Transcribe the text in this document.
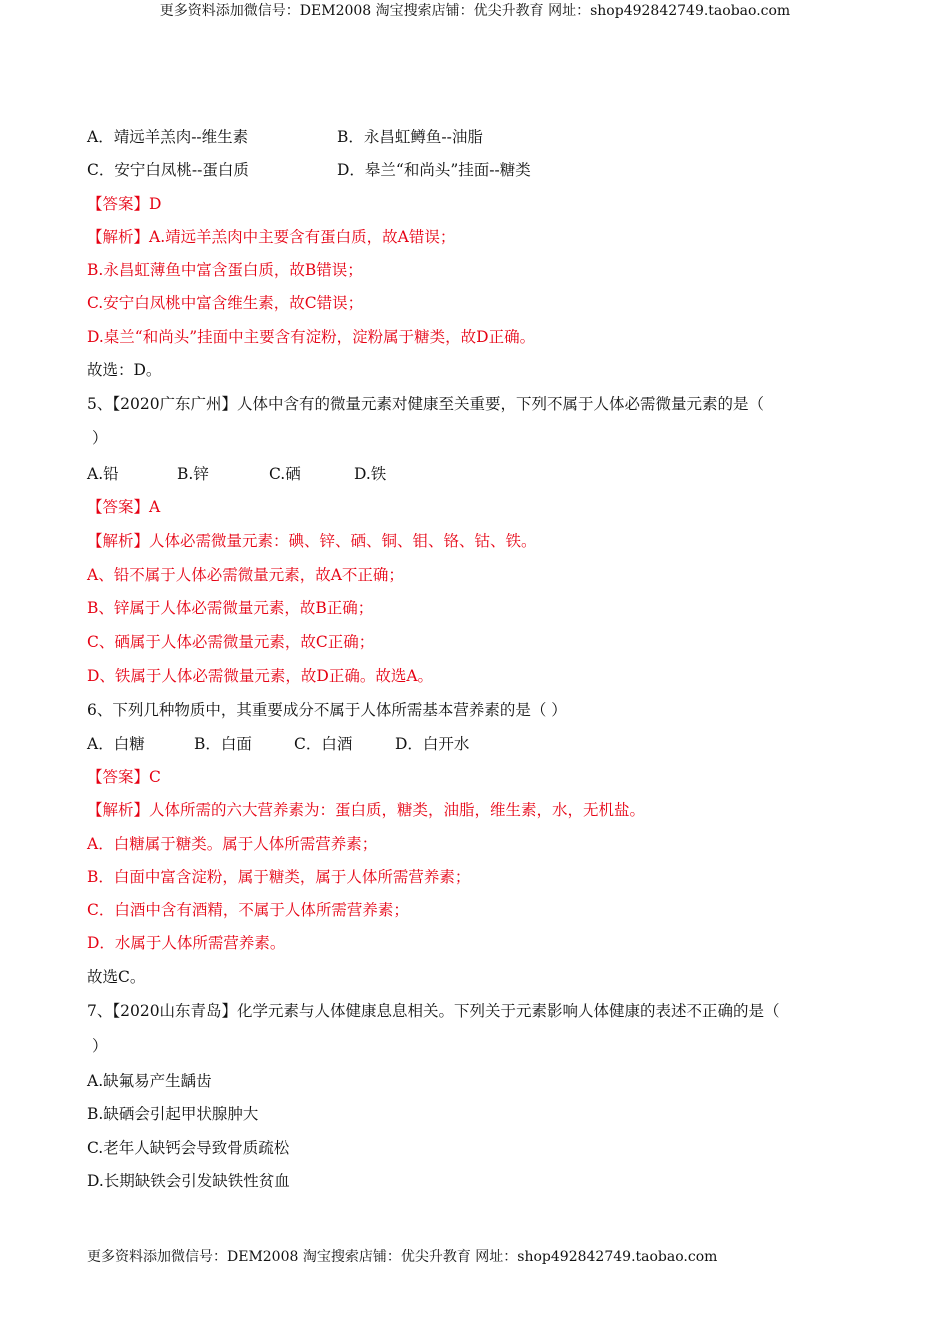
更多资料添加微信号：DEM2008 淘宝搜索店铺：优尖升教育 网址：shop492842749.taobao.com
A．靖远羊羔肉--维生素	B．永昌虹鳟鱼--油脂
C．安宁白凤桃--蛋白质	D．皋兰“和尚头”挂面--糖类
【答案】D
【解析】A.靖远羊羔肉中主要含有蛋白质，故A错误；
B.永昌虹薄鱼中富含蛋白质，故B错误；
C.安宁白凤桃中富含维生素，故C错误；
D.桌兰“和尚头”挂面中主要含有淀粉，淀粉属于糖类，故D正确。
故选：D。
5、【2020广东广州】人体中含有的微量元素对健康至关重要，下列不属于人体必需微量元素的是（
）
A.铅	B.锌	C.硒	D.铁
【答案】A
【解析】人体必需微量元素：碘、锌、硒、铜、钼、铬、钴、铁。
A、铅不属于人体必需微量元素，故A不正确；
B、锌属于人体必需微量元素，故B正确；
C、硒属于人体必需微量元素，故C正确；
D、铁属于人体必需微量元素，故D正确。故选A。
6、下列几种物质中，其重要成分不属于人体所需基本营养素的是（ ）
A．白糖	B．白面	C．白酒	D．白开水
【答案】C
【解析】人体所需的六大营养素为：蛋白质，糖类，油脂，维生素，水，无机盐。
A．白糖属于糖类。属于人体所需营养素；
B．白面中富含淀粉，属于糖类，属于人体所需营养素；
C．白酒中含有酒精，不属于人体所需营养素；
D．水属于人体所需营养素。
故选C。
7、【2020山东青岛】化学元素与人体健康息息相关。下列关于元素影响人体健康的表述不正确的是（
）
A.缺氟易产生龋齿
B.缺硒会引起甲状腺肿大
C.老年人缺钙会导致骨质疏松
D.长期缺铁会引发缺铁性贫血
更多资料添加微信号：DEM2008 淘宝搜索店铺：优尖升教育 网址：shop492842749.taobao.com
